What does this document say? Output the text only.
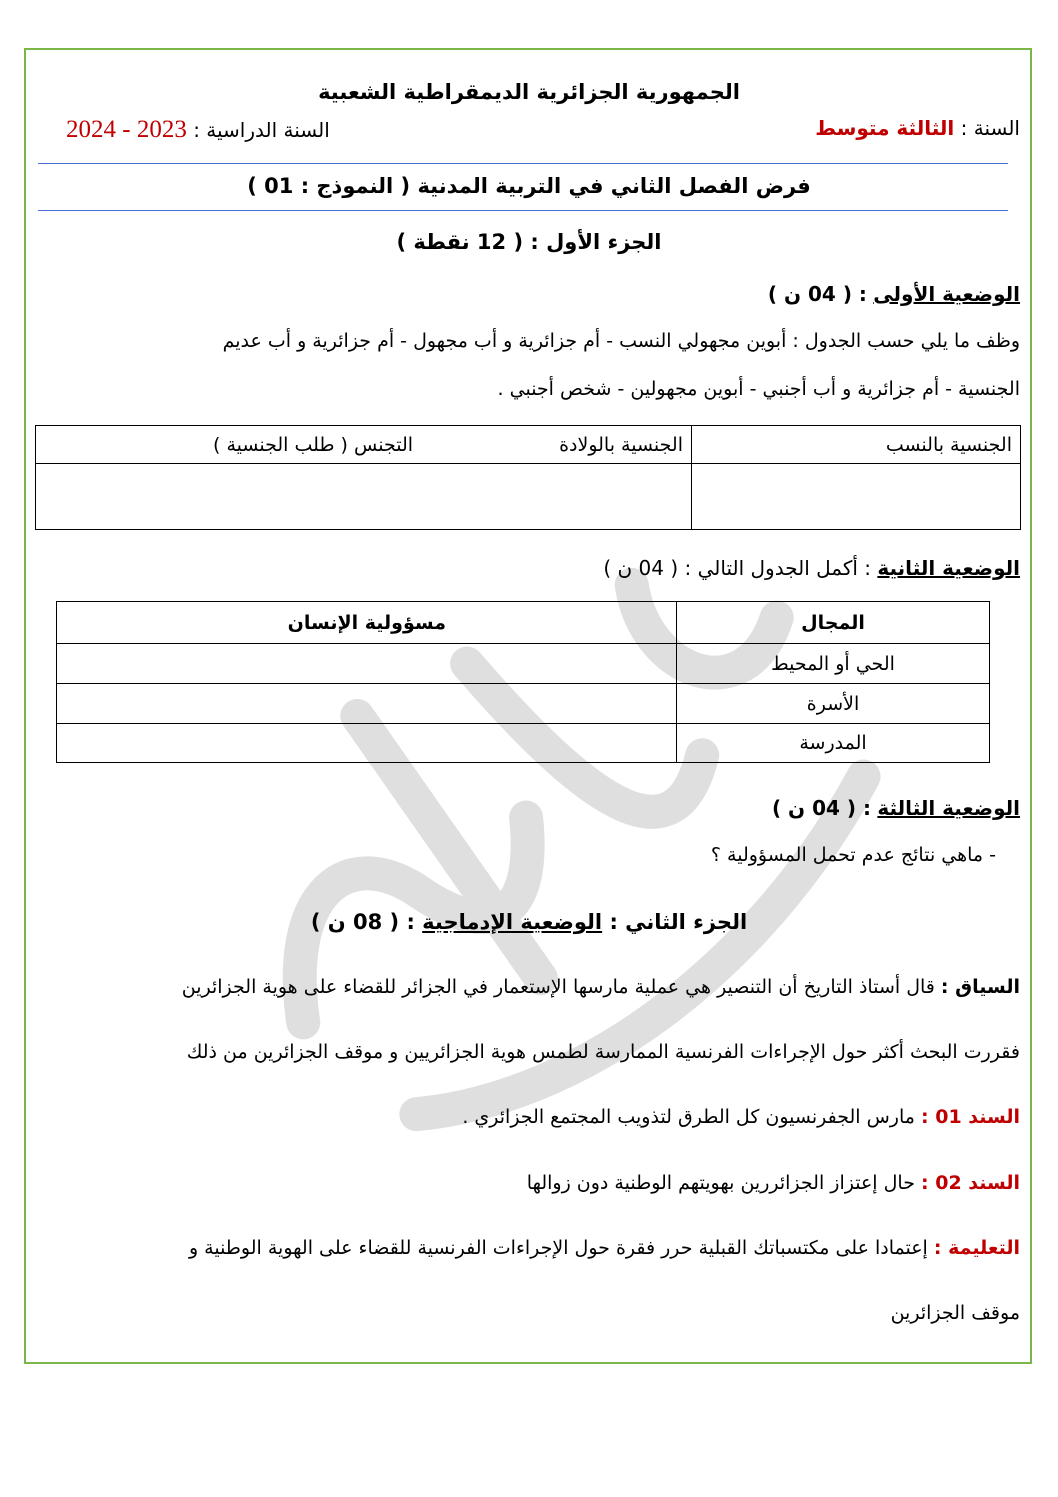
الجمهورية الجزائرية الديمقراطية الشعبية
السنة : الثالثة متوسط
السنة الدراسية : 2023 - 2024
فرض الفصل الثاني في التربية المدنية ( النموذج : 01 )
الجزء الأول : ( 12 نقطة )
الوضعية الأولى : ( 04 ن )
وظف ما يلي حسب الجدول : أبوين مجهولي النسب - أم جزائرية و أب مجهول - أم جزائرية و أب عديم
الجنسية - أم جزائرية و أب أجنبي - أبوين مجهولين - شخص أجنبي .
الجنسية بالنسب	الجنسية بالولادة التجنس ( طلب الجنسية )

الوضعية الثانية : أكمل الجدول التالي : ( 04 ن )
المجال	مسؤولية الإنسان
الحي أو المحيط	
الأسرة	
المدرسة	
الوضعية الثالثة : ( 04 ن )
- ماهي نتائج عدم تحمل المسؤولية ؟
الجزء الثاني : الوضعية الإدماجية : ( 08 ن )
السياق : قال أستاذ التاريخ أن التنصير هي عملية مارسها الإستعمار في الجزائر للقضاء على هوية الجزائرين
فقررت البحث أكثر حول الإجراءات الفرنسية الممارسة لطمس هوية الجزائريين و موقف الجزائرين من ذلك
السند 01 : مارس الجفرنسيون كل الطرق لتذويب المجتمع الجزائري .
السند 02 : حال إعتزاز الجزائررين بهويتهم الوطنية دون زوالها
التعليمة : إعتمادا على مكتسباتك القبلية حرر فقرة حول الإجراءات الفرنسية للقضاء على الهوية الوطنية و
موقف الجزائرين
